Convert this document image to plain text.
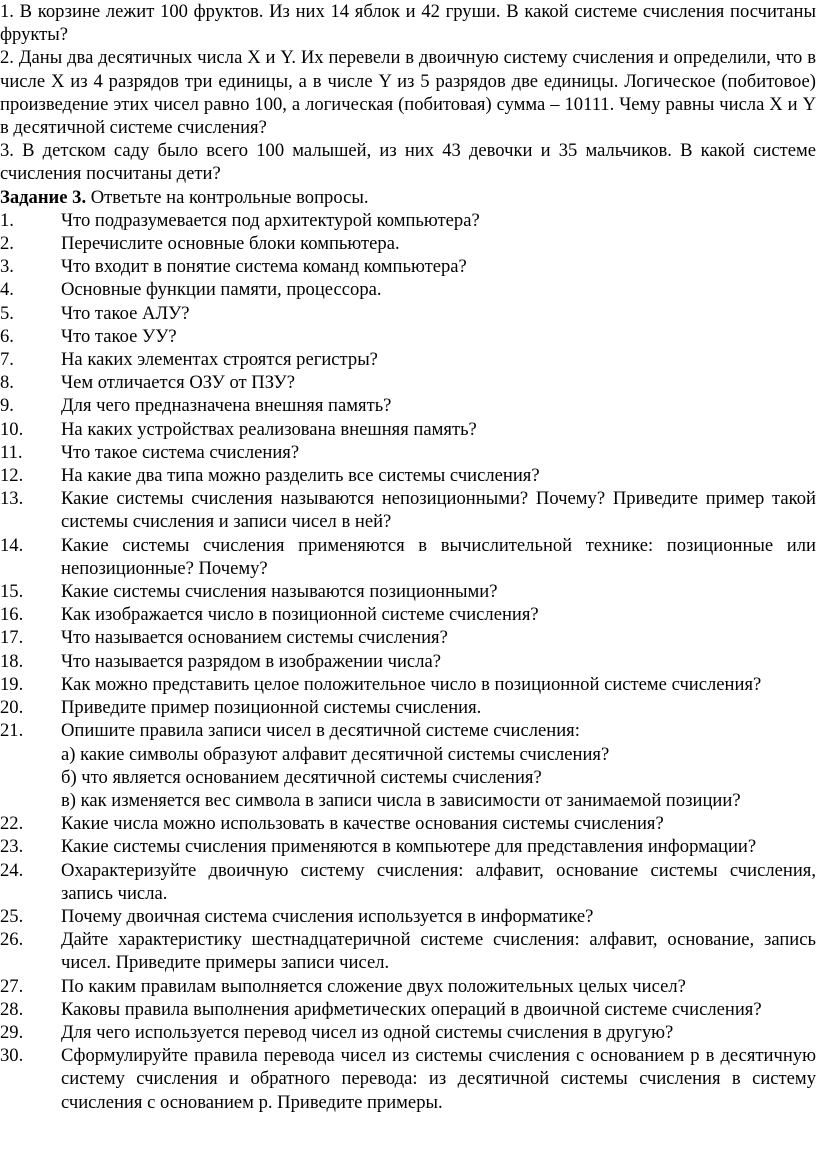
1. В корзине лежит 100 фруктов. Из них 14 яблок и 42 груши. В какой системе счисления посчитаны фрукты?

2. Даны два десятичных числа X и Y. Их перевели в двоичную систему счисления и определили, что в числе X из 4 разрядов три единицы, а в числе Y из 5 разрядов две единицы. Логическое (побитовое) произведение этих чисел равно 100, а логическая (побитовая) сумма – 10111. Чему равны числа X и Y в десятичной системе счисления?

3. В детском саду было всего 100 малышей, из них 43 девочки и 35 мальчиков. В какой системе счисления посчитаны дети?

Задание 3. Ответьте на контрольные вопросы.

1.	Что подразумевается под архитектурой компьютера?
2.	Перечислите основные блоки компьютера.
3.	Что входит в понятие система команд компьютера?
4.	Основные функции памяти, процессора.
5.	Что такое АЛУ?
6.	Что такое УУ?
7.	На каких элементах строятся регистры?
8.	Чем отличается ОЗУ от ПЗУ?
9.	Для чего предназначена внешняя память?
10.	На каких устройствах реализована внешняя память?
11.	Что такое система счисления?
12.	На какие два типа можно разделить все системы счисления?
13.	Какие системы счисления называются непозиционными? Почему? Приведите пример такой системы счисления и записи чисел в ней?
14.	Какие системы счисления применяются в вычислительной технике: позиционные или непозиционные? Почему?
15.	Какие системы счисления называются позиционными?
16.	Как изображается число в позиционной системе счисления?
17.	Что называется основанием системы счисления?
18.	Что называется разрядом в изображении числа?
19.	Как можно представить целое положительное число в позиционной системе счисления?
20.	Приведите пример позиционной системы счисления.
21.	Опишите правила записи чисел в десятичной системе счисления:
а) какие символы образуют алфавит десятичной системы счисления?
б) что является основанием десятичной системы счисления?
в) как изменяется вес символа в записи числа в зависимости от занимаемой позиции?
22.	Какие числа можно использовать в качестве основания системы счисления?
23.	Какие системы счисления применяются в компьютере для представления информации?
24.	Охарактеризуйте двоичную систему счисления: алфавит, основание системы счисления, запись числа.
25.	Почему двоичная система счисления используется в информатике?
26.	Дайте характеристику шестнадцатеричной системе счисления: алфавит, основание, запись чисел. Приведите примеры записи чисел.
27.	По каким правилам выполняется сложение двух положительных целых чисел?
28.	Каковы правила выполнения арифметических операций в двоичной системе счисления?
29.	Для чего используется перевод чисел из одной системы счисления в другую?
30.	Сформулируйте правила перевода чисел из системы счисления с основанием p в десятичную систему счисления и обратного перевода: из десятичной системы счисления в систему счисления с основанием p. Приведите примеры.
